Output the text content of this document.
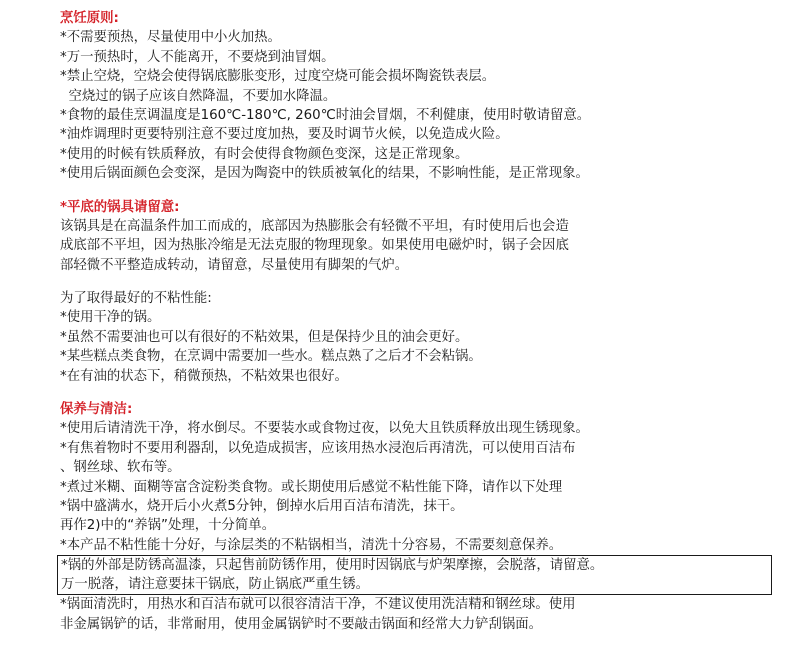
烹饪原则:
*不需要预热，尽量使用中小火加热。
*万一预热时，人不能离开，不要烧到油冒烟。
*禁止空烧，空烧会使得锅底膨胀变形，过度空烧可能会损坏陶瓷铁表层。
空烧过的锅子应该自然降温，不要加水降温。
*食物的最佳烹调温度是160℃-180℃, 260℃时油会冒烟，不利健康，使用时敬请留意。
*油炸调理时更要特别注意不要过度加热，要及时调节火候，以免造成火险。
*使用的时候有铁质释放，有时会使得食物颜色变深，这是正常现象。
*使用后锅面颜色会变深，是因为陶瓷中的铁质被氧化的结果，不影响性能，是正常现象。
*平底的锅具请留意:
该锅具是在高温条件加工而成的，底部因为热膨胀会有轻微不平坦，有时使用后也会造
成底部不平坦，因为热胀冷缩是无法克服的物理现象。如果使用电磁炉时，锅子会因底
部轻微不平整造成转动，请留意，尽量使用有脚架的气炉。
为了取得最好的不粘性能:
*使用干净的锅。
*虽然不需要油也可以有很好的不粘效果，但是保持少且的油会更好。
*某些糕点类食物，在烹调中需要加一些水。糕点熟了之后才不会粘锅。
*在有油的状态下，稍微预热，不粘效果也很好。
保养与清洁:
*使用后请清洗干净，将水倒尽。不要装水或食物过夜，以免大且铁质释放出现生锈现象。
*有焦着物时不要用利器刮，以免造成损害，应该用热水浸泡后再清洗，可以使用百洁布
、钢丝球、软布等。
*煮过米糊、面糊等富含淀粉类食物。或长期使用后感觉不粘性能下降，请作以下处理
*锅中盛满水，烧开后小火煮5分钟，倒掉水后用百洁布清洗，抹干。
再作2)中的“养锅”处理，十分简单。
*本产品不粘性能十分好，与涂层类的不粘锅相当，清洗十分容易，不需要刻意保养。
*锅的外部是防锈高温漆，只起售前防锈作用，使用时因锅底与炉架摩擦，会脱落，请留意。
万一脱落，请注意要抹干锅底，防止锅底严重生锈。
*锅面清洗时，用热水和百洁布就可以很容清洁干净，不建议使用洗洁精和钢丝球。使用
非金属锅铲的话，非常耐用，使用金属锅铲时不要敲击锅面和经常大力铲刮锅面。
